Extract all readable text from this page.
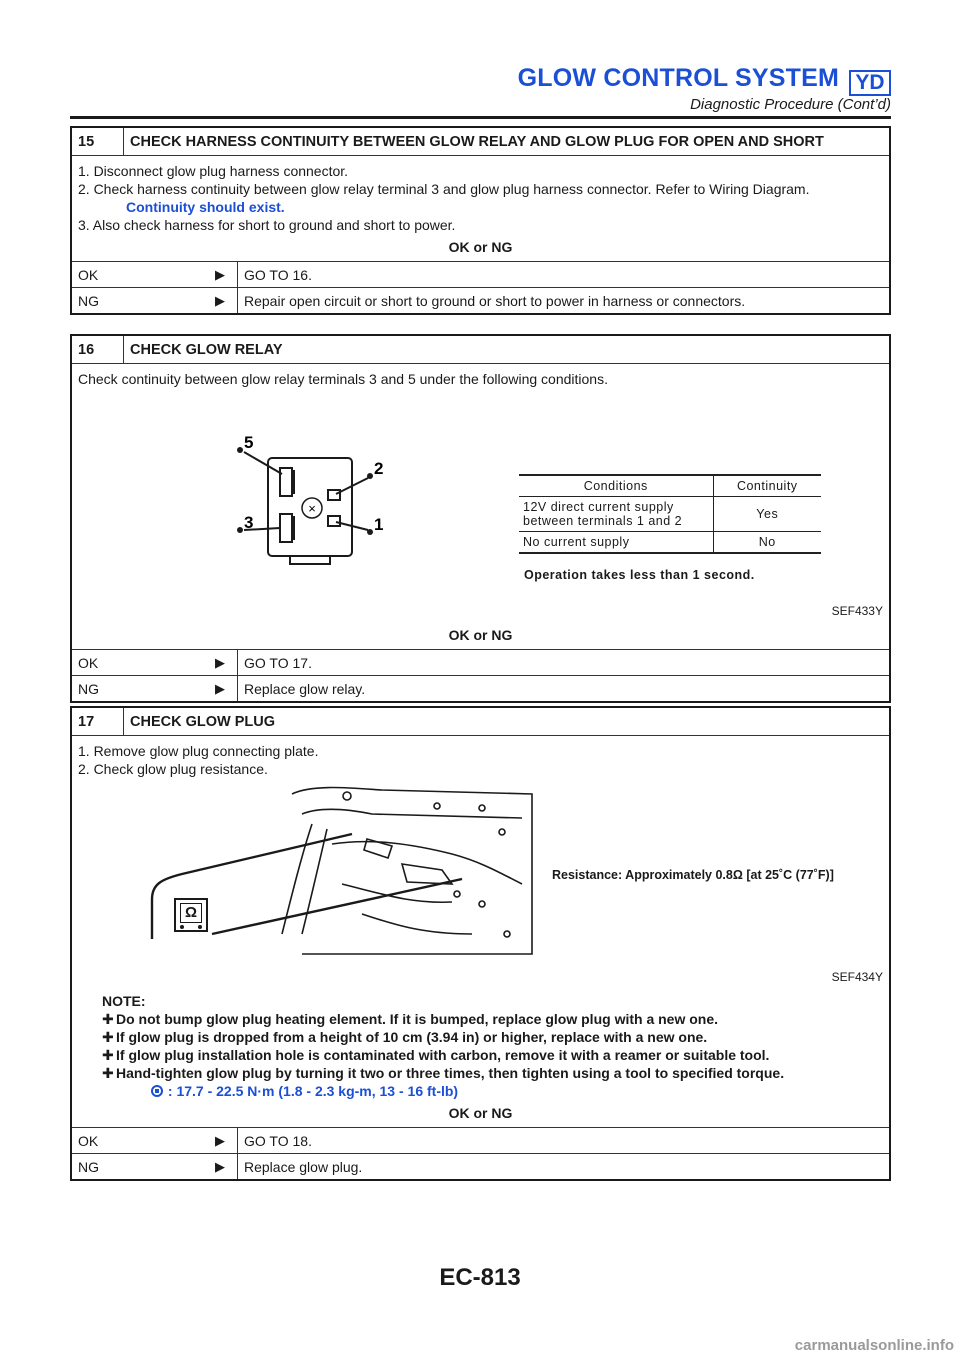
GLOW CONTROL SYSTEM YD
Diagnostic Procedure (Cont’d)
15	CHECK HARNESS CONTINUITY BETWEEN GLOW RELAY AND GLOW PLUG FOR OPEN AND SHORT
1. Disconnect glow plug harness connector.
2. Check harness continuity between glow relay terminal 3 and glow plug harness connector. Refer to Wiring Diagram.
Continuity should exist.
3. Also check harness for short to ground and short to power.
OK or NG
OK	▶	GO TO 16.
NG	▶	Repair open circuit or short to ground or short to power in harness or connectors.
16	CHECK GLOW RELAY
Check continuity between glow relay terminals 3 and 5 under the following conditions.
×
5
2
3	1
Conditions	Continuity

12V direct current supply
between terminals 1 and 2	Yes
No current supply	No
Operation takes less than 1 second.
SEF433Y
OK or NG
OK	▶	GO TO 17.
NG	▶	Replace glow relay.
17	CHECK GLOW PLUG
1. Remove glow plug connecting plate.
2. Check glow plug resistance.
Ω
Resistance: Approximately 0.8Ω [at 25˚C (77˚F)]
SEF434Y
NOTE:
✚ Do not bump glow plug heating element. If it is bumped, replace glow plug with a new one.
✚ If glow plug is dropped from a height of 10 cm (3.94 in) or higher, replace with a new one.
✚ If glow plug installation hole is contaminated with carbon, remove it with a reamer or suitable tool.
✚ Hand-tighten glow plug by turning it two or three times, then tighten using a tool to specified torque.
: 17.7 - 22.5 N·m (1.8 - 2.3 kg-m, 13 - 16 ft-lb)
OK or NG
OK	▶	GO TO 18.
NG	▶	Replace glow plug.
EC-813
carmanualsonline.info
